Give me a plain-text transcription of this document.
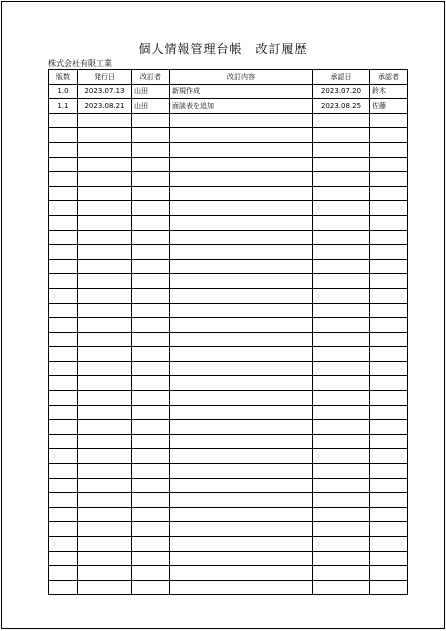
個人情報管理台帳　改訂履歴
株式会社有限工業
版数	発行日	改訂者	改訂内容	承認日	承認者
1.0	2023.07.13	山田	新規作成	2023.07.20	鈴木
1.1	2023.08.21	山田	面談表を追加	2023.08.25	佐藤
